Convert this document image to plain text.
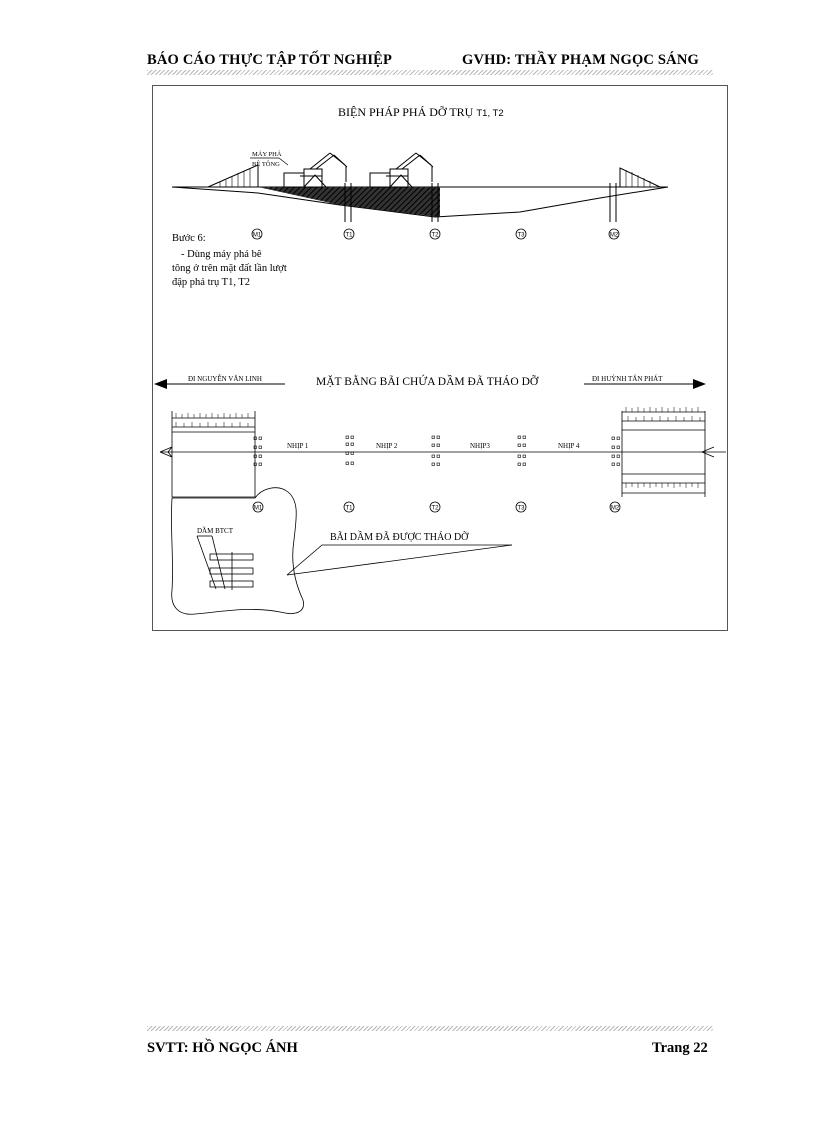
BÁO CÁO THỰC TẬP TỐT NGHIỆP	GVHD: THẦY PHẠM NGỌC SÁNG
BIỆN PHÁP PHÁ DỠ TRỤ T1, T2
MÁY PHÁ
BÊ TÔNG
M1	T1	T2	T3	M2
Bước 6:
- Dùng máy phá bê
tông ở trên mặt đất lần lượt
đập phá trụ T1, T2
ĐI NGUYỄN VĂN LINH	MẶT BẰNG BÃI CHỨA DẦM ĐÃ THÁO DỠ	ĐI HUỲNH TẤN PHÁT
NHỊP 1	NHỊP 2	NHỊP3	NHỊP 4
M1	T1	T2	T3	M2
DẦM BTCT
BÃI DẦM ĐÃ ĐƯỢC THÁO DỠ
SVTT: HỒ NGỌC ÁNH	Trang 22
